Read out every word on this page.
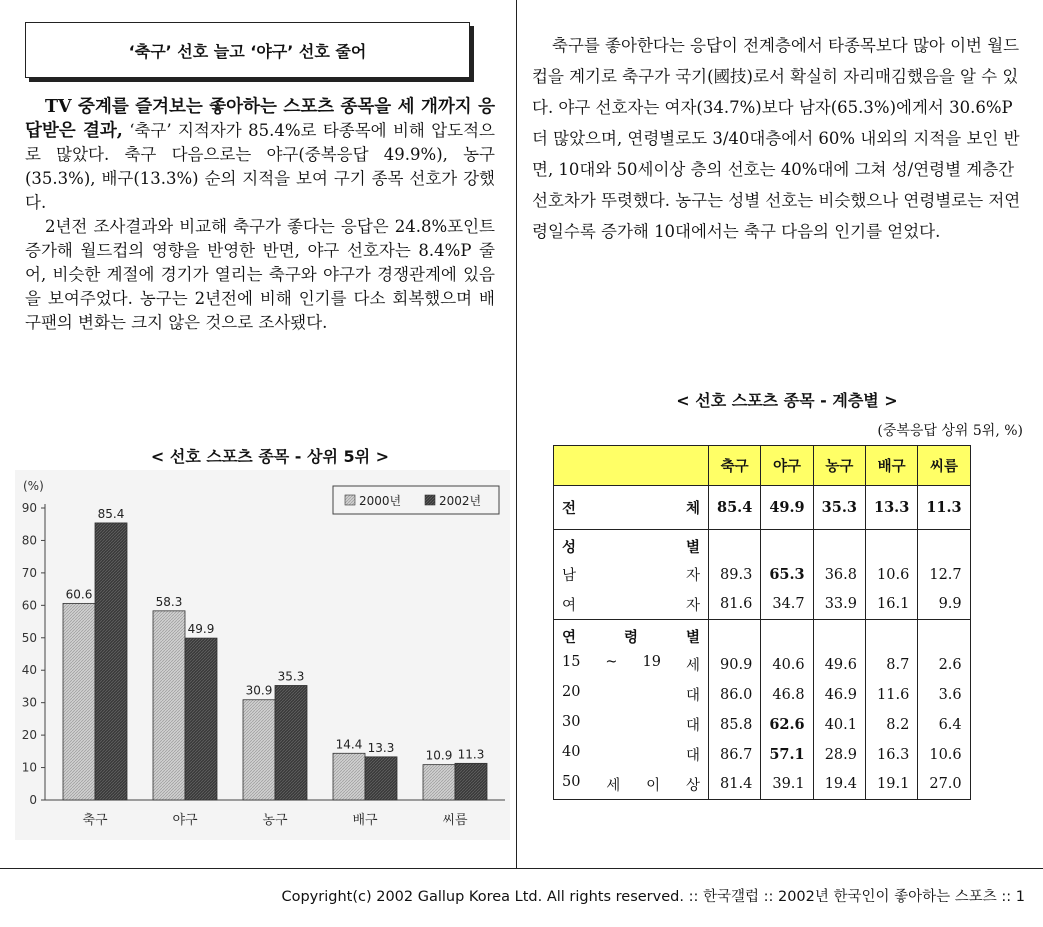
‘축구’ 선호 늘고 ‘야구’ 선호 줄어

TV 중계를 즐겨보는 좋아하는 스포츠 종목을 세 개까지 응답받은 결과, ‘축구’ 지적자가 85.4%로 타종목에 비해 압도적으로 많았다. 축구 다음으로는 야구(중복응답 49.9%), 농구(35.3%), 배구(13.3%) 순의 지적을 보여 구기 종목 선호가 강했다.

2년전 조사결과와 비교해 축구가 좋다는 응답은 24.8%포인트 증가해 월드컵의 영향을 반영한 반면, 야구 선호자는 8.4%P 줄어, 비슷한 계절에 경기가 열리는 축구와 야구가 경쟁관계에 있음을 보여주었다. 농구는 2년전에 비해 인기를 다소 회복했으며 배구팬의 변화는 크지 않은 것으로 조사됐다.

< 선호 스포츠 종목 - 상위 5위 >
(%)
0
10
20
30
40
50
60
70
80
90
60.6
85.4
축구
58.3
49.9
야구
30.9
35.3
농구
14.4 13.3
배구
10.9 11.3
씨름
2000년	2002년

축구를 좋아한다는 응답이 전계층에서 타종목보다 많아 이번 월드컵을 계기로 축구가 국기(國技)로서 확실히 자리매김했음을 알 수 있다. 야구 선호자는 여자(34.7%)보다 남자(65.3%)에게서 30.6%P 더 많았으며, 연령별로도 3/40대층에서 60% 내외의 지적을 보인 반면, 10대와 50세이상 층의 선호는 40%대에 그쳐 성/연령별 계층간 선호차가 뚜렷했다. 농구는 성별 선호는 비슷했으나 연령별로는 저연령일수록 증가해 10대에서는 축구 다음의 인기를 얻었다.

< 선호 스포츠 종목 - 계층별 >
(중복응답 상위 5위, %)
	축구	야구	농구	배구	씨름

전 체	85.4	49.9	35.3	13.3	11.3

성 별					

남 자	89.3	65.3	36.8	10.6	12.7

여 자	81.6	34.7	33.9	16.1	9.9

연 령 별					

15 ~ 19 세	90.9	40.6	49.6	8.7	2.6

20 대	86.0	46.8	46.9	11.6	3.6

30 대	85.8	62.6	40.1	8.2	6.4

40 대	86.7	57.1	28.9	16.3	10.6

50 세 이 상	81.4	39.1	19.4	19.1	27.0
Copyright(c) 2002 Gallup Korea Ltd. All rights reserved. :: 한국갤럽 :: 2002년 한국인이 좋아하는 스포츠 :: 1
